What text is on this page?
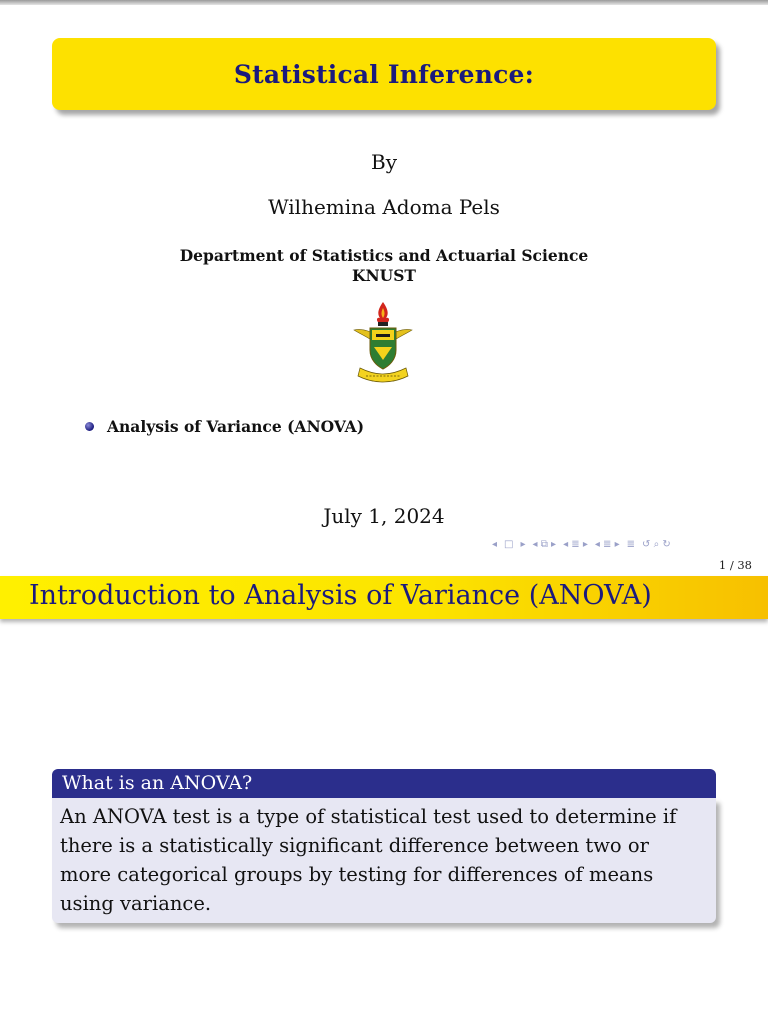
Statistical Inference:
By
Wilhemina Adoma Pels
Department of Statistics and Actuarial Science
KNUST
Analysis of Variance (ANOVA)
July 1, 2024
◂ □ ▸ ◂ ⧉ ▸ ◂ ≣ ▸ ◂ ≣ ▸ ≣ ↺ ⌕ ↻
1 / 38
Introduction to Analysis of Variance (ANOVA)
What is an ANOVA?
An ANOVA test is a type of statistical test used to determine if there is a statistically significant difference between two or more categorical groups by testing for differences of means using variance.
